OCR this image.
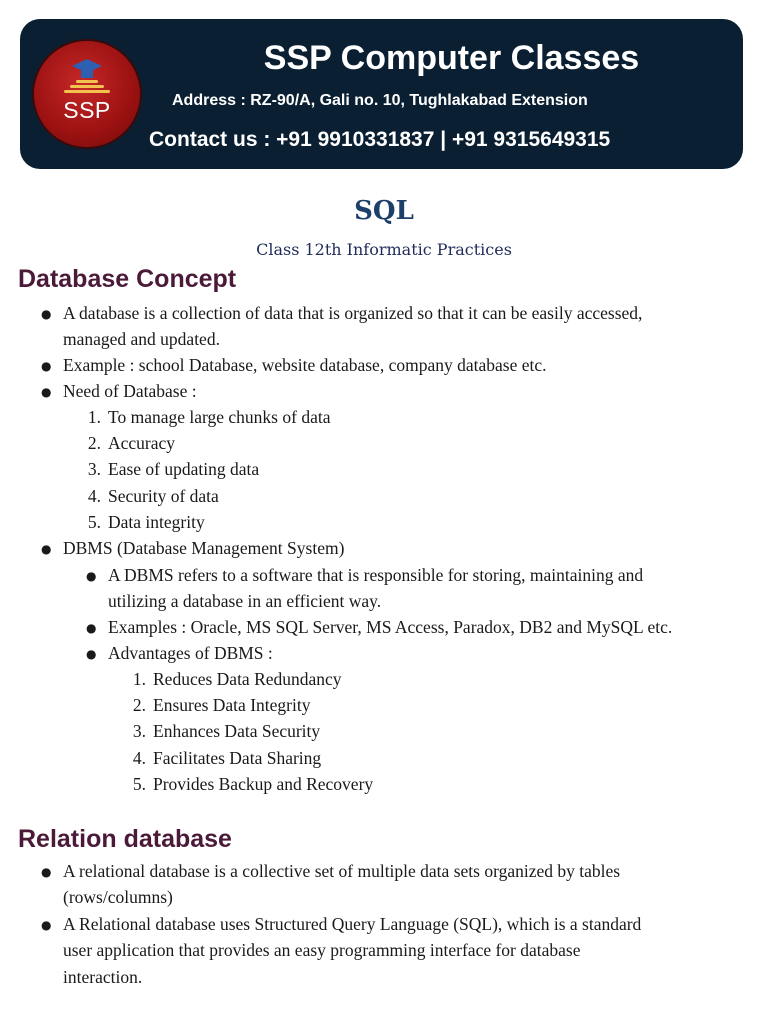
SSP
SSP Computer Classes
Address : RZ-90/A, Gali no. 10, Tughlakabad Extension
Contact us : +91 9910331837 | +91 9315649315
SQL
Class 12th Informatic Practices
Database Concept
● A database is a collection of data that is organized so that it can be easily accessed,
managed and updated.
● Example : school Database, website database, company database etc.
● Need of Database :
1. To manage large chunks of data
2. Accuracy
3. Ease of updating data
4. Security of data
5. Data integrity
● DBMS (Database Management System)
● A DBMS refers to a software that is responsible for storing, maintaining and
utilizing a database in an efficient way.
● Examples : Oracle, MS SQL Server, MS Access, Paradox, DB2 and MySQL etc.
● Advantages of DBMS :
1. Reduces Data Redundancy
2. Ensures Data Integrity
3. Enhances Data Security
4. Facilitates Data Sharing
5. Provides Backup and Recovery
Relation database
● A relational database is a collective set of multiple data sets organized by tables
(rows/columns)
● A Relational database uses Structured Query Language (SQL), which is a standard
user application that provides an easy programming interface for database
interaction.
